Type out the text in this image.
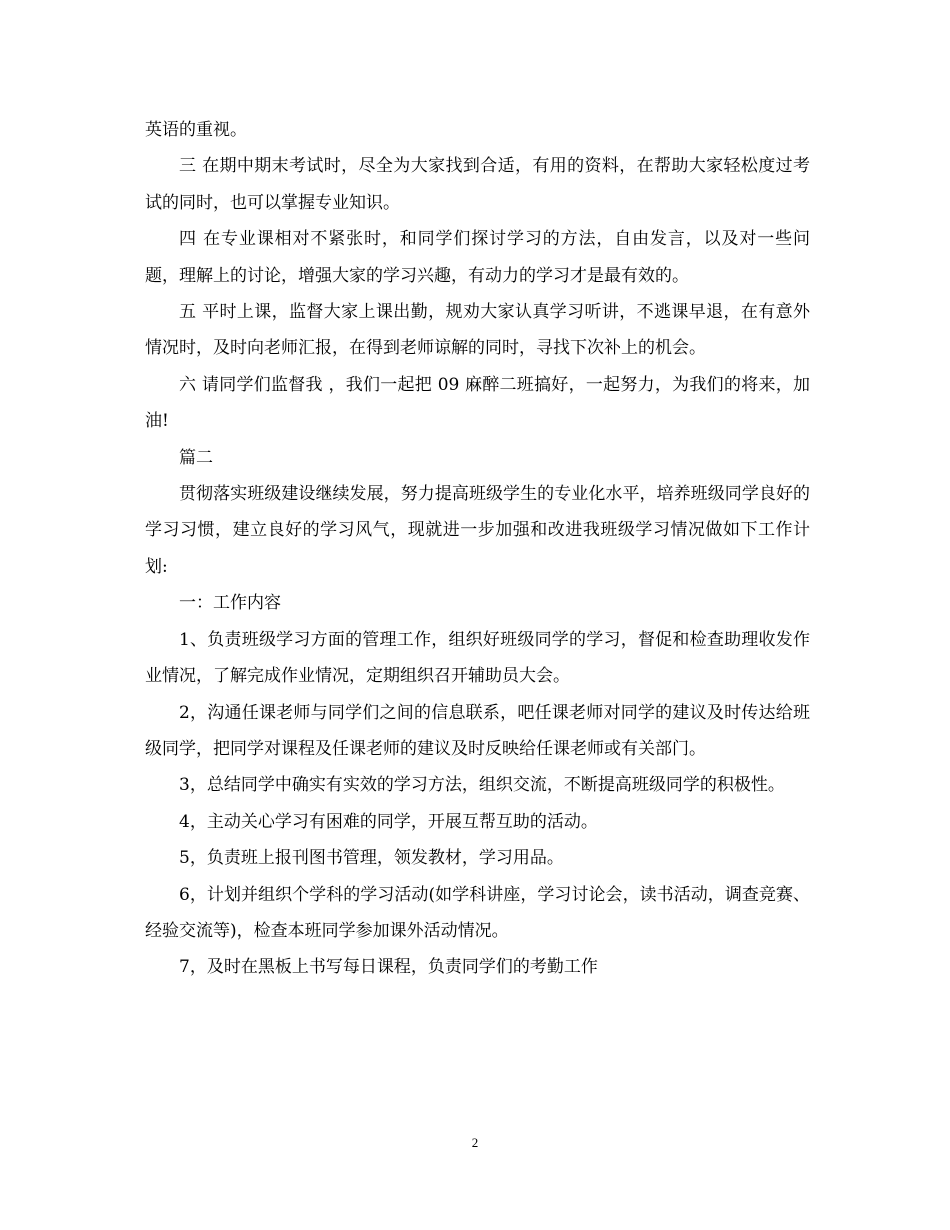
英语的重视。

三 在期中期末考试时，尽全为大家找到合适，有用的资料，在帮助大家轻松度过考试的同时，也可以掌握专业知识。

四 在专业课相对不紧张时，和同学们探讨学习的方法，自由发言，以及对一些问题，理解上的讨论，增强大家的学习兴趣，有动力的学习才是最有效的。

五 平时上课，监督大家上课出勤，规劝大家认真学习听讲，不逃课早退，在有意外情况时，及时向老师汇报，在得到老师谅解的同时，寻找下次补上的机会。

六 请同学们监督我 ，我们一起把 09 麻醉二班搞好，一起努力，为我们的将来，加油!

篇二

贯彻落实班级建设继续发展，努力提高班级学生的专业化水平，培养班级同学良好的学习习惯，建立良好的学习风气，现就进一步加强和改进我班级学习情况做如下工作计划:

一：工作内容

1、负责班级学习方面的管理工作，组织好班级同学的学习，督促和检查助理收发作业情况，了解完成作业情况，定期组织召开辅助员大会。

2，沟通任课老师与同学们之间的信息联系，吧任课老师对同学的建议及时传达给班级同学，把同学对课程及任课老师的建议及时反映给任课老师或有关部门。

3，总结同学中确实有实效的学习方法，组织交流，不断提高班级同学的积极性。

4，主动关心学习有困难的同学，开展互帮互助的活动。

5，负责班上报刊图书管理，领发教材，学习用品。

6，计划并组织个学科的学习活动(如学科讲座，学习讨论会，读书活动，调查竞赛、经验交流等)，检查本班同学参加课外活动情况。

7，及时在黑板上书写每日课程，负责同学们的考勤工作

2
